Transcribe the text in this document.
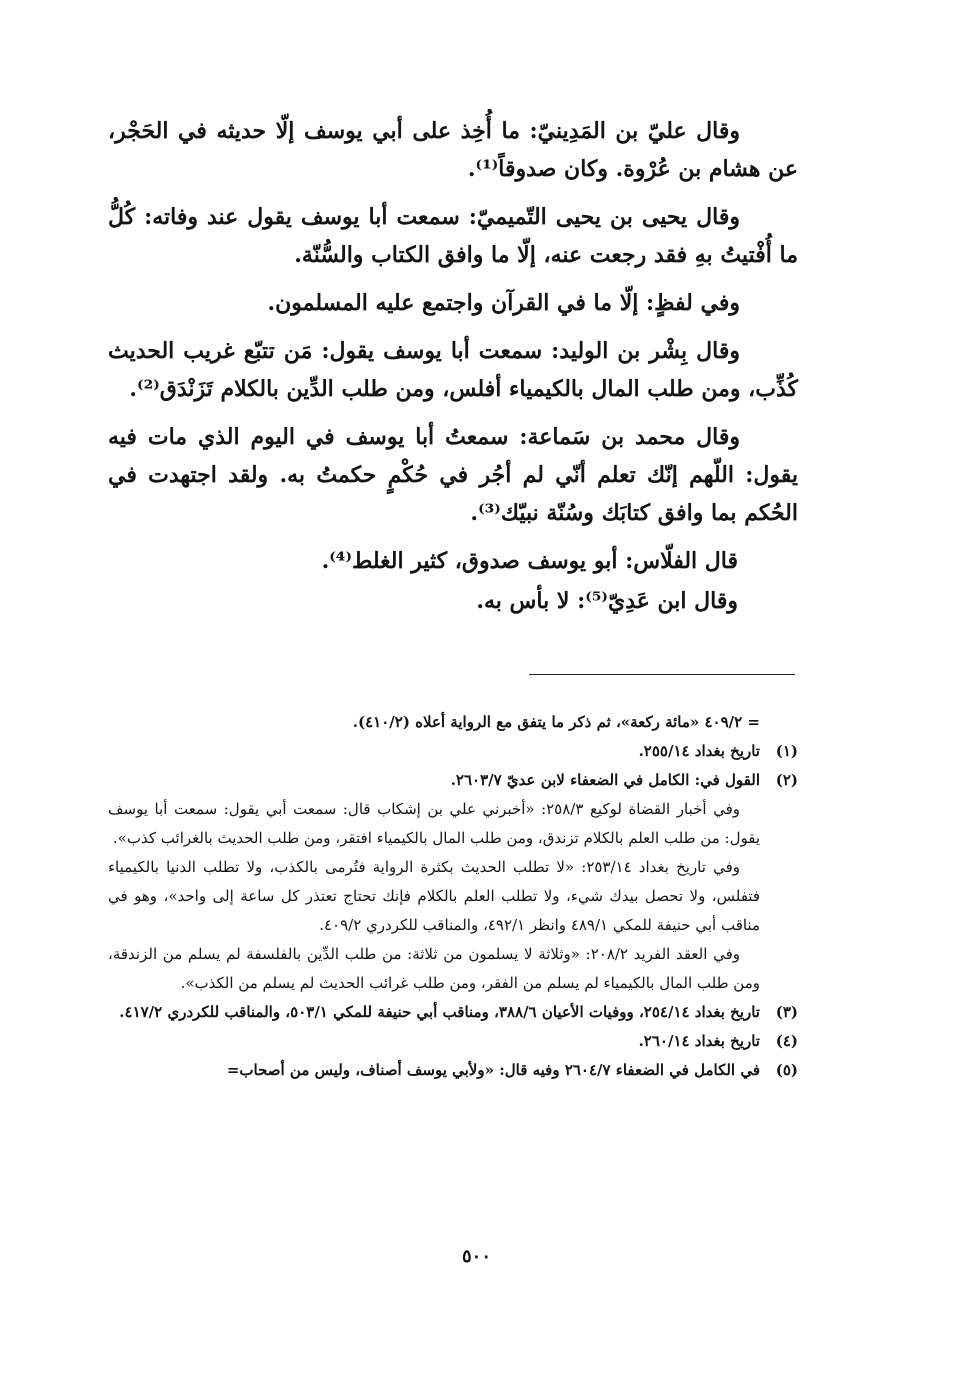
وقال عليّ بن المَدِينيّ: ما أُخِذ على أبي يوسف إلّا حديثه في الحَجْر، عن هشام بن عُرْوة. وكان صدوقاً⁽¹⁾.

وقال يحيى بن يحيى التّميميّ: سمعت أبا يوسف يقول عند وفاته: كُلُّ ما أُفْتيتُ بهِ فقد رجعت عنه، إلّا ما وافق الكتاب والسُّنّة.

وفي لفظٍ: إلّا ما في القرآن واجتمع عليه المسلمون.

وقال بِشْر بن الوليد: سمعت أبا يوسف يقول: مَن تتبّع غريب الحديث كُذِّب، ومن طلب المال بالكيمياء أفلس، ومن طلب الدِّين بالكلام تَزَنْدَق⁽²⁾.

وقال محمد بن سَماعة: سمعتُ أبا يوسف في اليوم الذي مات فيه يقول: اللّهم إنّك تعلم أنّي لم أجُر في حُكْمٍ حكمتُ به. ولقد اجتهدت في الحُكم بما وافق كتابَك وسُنّة نبيّك⁽³⁾.

قال الفلّاس: أبو يوسف صدوق، كثير الغلط⁽⁴⁾.

وقال ابن عَدِيّ⁽⁵⁾: لا بأس به.

= ٤٠٩/٢ «مائة ركعة»، ثم ذكر ما يتفق مع الرواية أعلاه (٤١٠/٢).

(١)
تاريخ بغداد ٢٥٥/١٤.

(٢)
القول في: الكامل في الضعفاء لابن عديّ ٢٦٠٣/٧.

وفي أخبار القضاة لوكيع ٢٥٨/٣: «أخبرني علي بن إشكاب قال: سمعت أبي يقول: سمعت أبا يوسف يقول: من طلب العلم بالكلام تزندق، ومن طلب المال بالكيمياء افتقر، ومن طلب الحديث بالغرائب كذب».

وفي تاريخ بغداد ٢٥٣/١٤: «لا تطلب الحديث بكثرة الرواية فتُرمى بالكذب، ولا تطلب الدنيا بالكيمياء فتفلس، ولا تحصل بيدك شيء، ولا تطلب العلم بالكلام فإنك تحتاج تعتذر كل ساعة إلى واحد»، وهو في مناقب أبي حنيفة للمكي ٤٨٩/١ وانظر ٤٩٢/١، والمناقب للكردري ٤٠٩/٢.

وفي العقد الفريد ٢٠٨/٢: «وثلاثة لا يسلمون من ثلاثة: من طلب الدِّين بالفلسفة لم يسلم من الزندقة، ومن طلب المال بالكيمياء لم يسلم من الفقر، ومن طلب غرائب الحديث لم يسلم من الكذب».

(٣)
تاريخ بغداد ٢٥٤/١٤، ووفيات الأعيان ٣٨٨/٦، ومناقب أبي حنيفة للمكي ٥٠٣/١، والمناقب للكردري ٤١٧/٢.

(٤)
تاريخ بغداد ٢٦٠/١٤.

(٥)
في الكامل في الضعفاء ٢٦٠٤/٧ وفيه قال: «ولأبي يوسف أصناف، وليس من أصحاب=

٥٠٠
